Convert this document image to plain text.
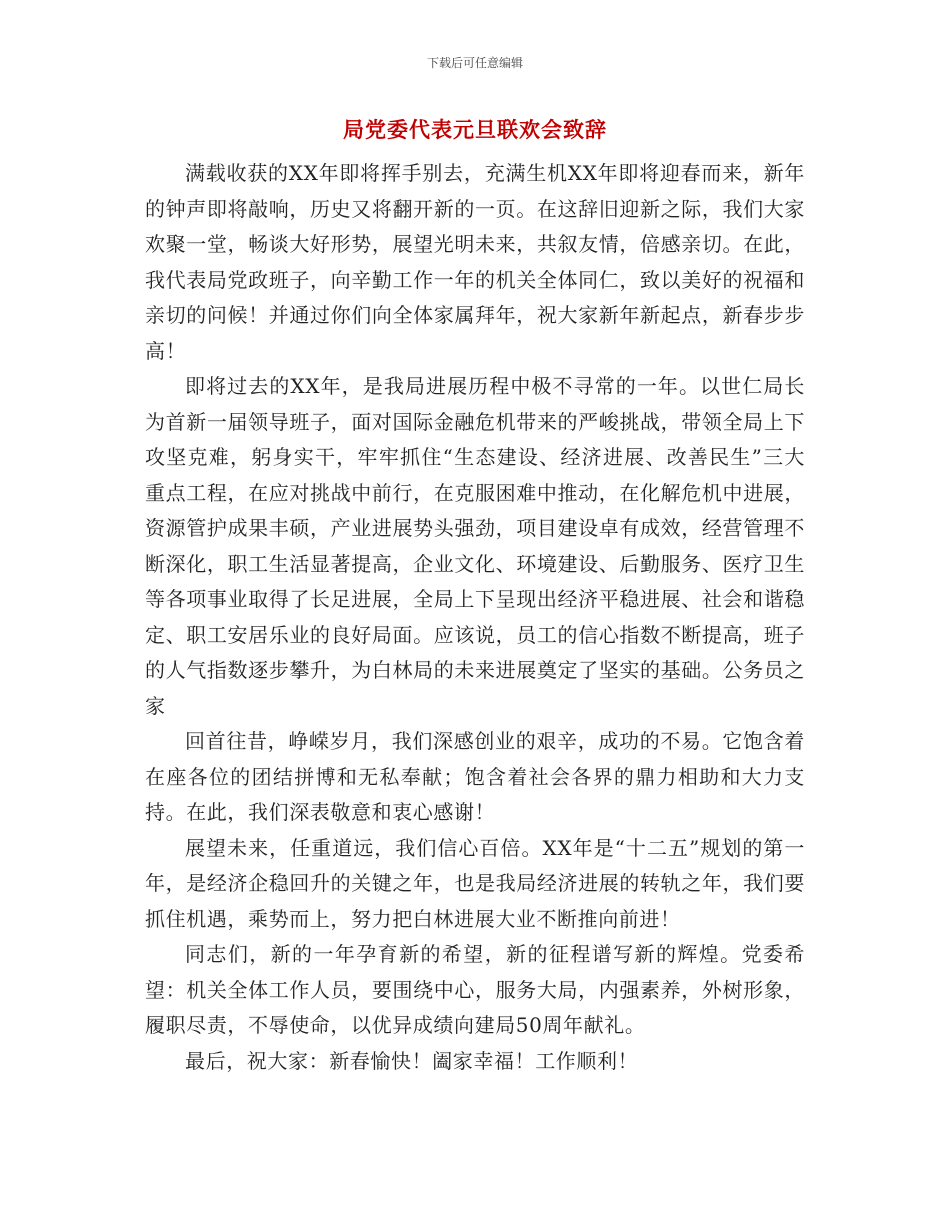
下载后可任意编辑
局党委代表元旦联欢会致辞

满载收获的XX年即将挥手别去，充满生机XX年即将迎春而来，新年的钟声即将敲响，历史又将翻开新的一页。在这辞旧迎新之际，我们大家欢聚一堂，畅谈大好形势，展望光明未来，共叙友情，倍感亲切。在此，我代表局党政班子，向辛勤工作一年的机关全体同仁，致以美好的祝福和亲切的问候！并通过你们向全体家属拜年，祝大家新年新起点，新春步步高！

即将过去的XX年，是我局进展历程中极不寻常的一年。以世仁局长为首新一届领导班子，面对国际金融危机带来的严峻挑战，带领全局上下攻坚克难，躬身实干，牢牢抓住“生态建设、经济进展、改善民生”三大重点工程，在应对挑战中前行，在克服困难中推动，在化解危机中进展，资源管护成果丰硕，产业进展势头强劲，项目建设卓有成效，经营管理不断深化，职工生活显著提高，企业文化、环境建设、后勤服务、医疗卫生等各项事业取得了长足进展，全局上下呈现出经济平稳进展、社会和谐稳定、职工安居乐业的良好局面。应该说，员工的信心指数不断提高，班子的人气指数逐步攀升，为白林局的未来进展奠定了坚实的基础。公务员之家

回首往昔，峥嵘岁月，我们深感创业的艰辛，成功的不易。它饱含着在座各位的团结拼博和无私奉献；饱含着社会各界的鼎力相助和大力支持。在此，我们深表敬意和衷心感谢！

展望未来，任重道远，我们信心百倍。XX年是“十二五”规划的第一年，是经济企稳回升的关键之年，也是我局经济进展的转轨之年，我们要抓住机遇，乘势而上，努力把白林进展大业不断推向前进！

同志们，新的一年孕育新的希望，新的征程谱写新的辉煌。党委希望：机关全体工作人员，要围绕中心，服务大局，内强素养，外树形象，履职尽责，不辱使命，以优异成绩向建局50周年献礼。

最后，祝大家：新春愉快！阖家幸福！工作顺利！
